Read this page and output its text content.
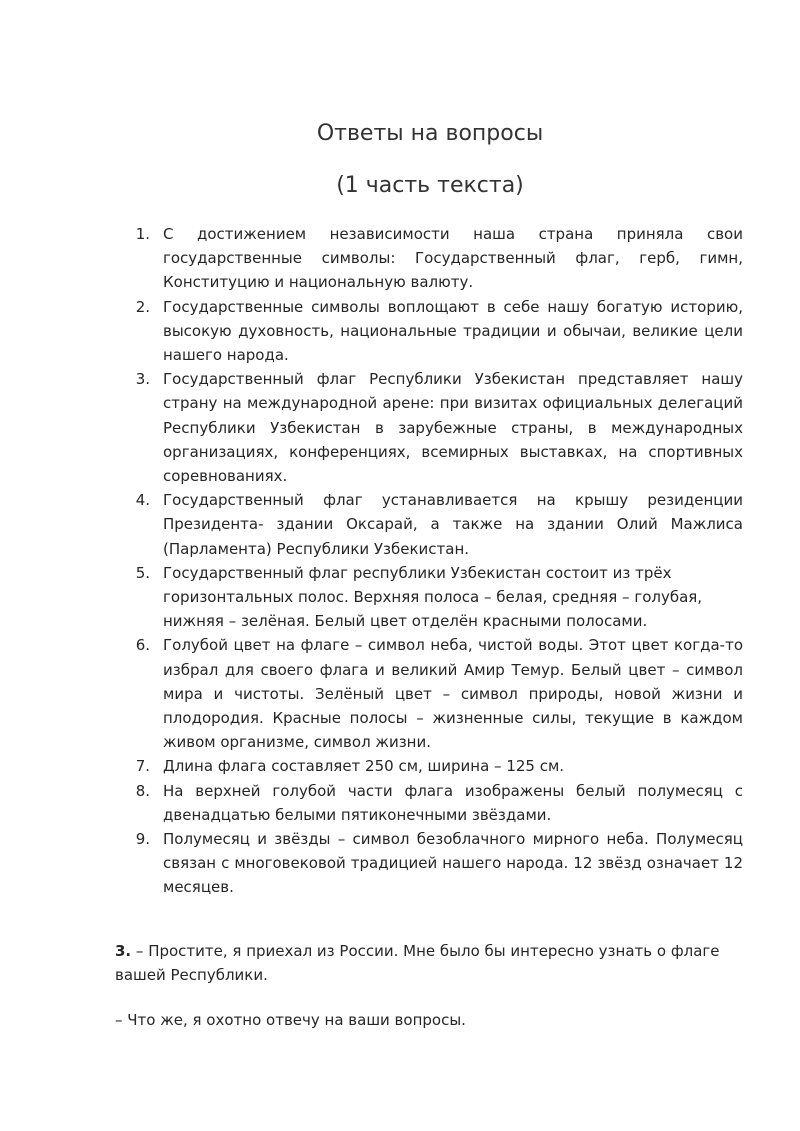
Ответы на вопросы
(1 часть текста)
1. С достижением независимости наша страна приняла свои государственные символы: Государственный флаг, герб, гимн, Конституцию и национальную валюту.
2. Государственные символы воплощают в себе нашу богатую историю, высокую духовность, национальные традиции и обычаи, великие цели нашего народа.
3. Государственный флаг Республики Узбекистан представляет нашу страну на международной арене: при визитах официальных делегаций Республики Узбекистан в зарубежные страны, в международных организациях, конференциях, всемирных выставках, на спортивных соревнованиях.
4. Государственный флаг устанавливается на крышу резиденции Президента- здании Оксарай, а также на здании Олий Мажлиса (Парламента) Республики Узбекистан.
5. Государственный флаг республики Узбекистан состоит из трёх горизонтальных полос. Верхняя полоса – белая, средняя – голубая, нижняя – зелёная. Белый цвет отделён красными полосами.
6. Голубой цвет на флаге – символ неба, чистой воды. Этот цвет когда-то избрал для своего флага и великий Амир Темур. Белый цвет – символ мира и чистоты. Зелёный цвет – символ природы, новой жизни и плодородия. Красные полосы – жизненные силы, текущие в каждом живом организме, символ жизни.
7. Длина флага составляет 250 см, ширина – 125 см.
8. На верхней голубой части флага изображены белый полумесяц с двенадцатью белыми пятиконечными звёздами.
9. Полумесяц и звёзды – символ безоблачного мирного неба. Полумесяц связан с многовековой традицией нашего народа. 12 звёзд означает 12 месяцев.

3. – Простите, я приехал из России. Мне было бы интересно узнать о флаге вашей Республики.

– Что же, я охотно отвечу на ваши вопросы.
